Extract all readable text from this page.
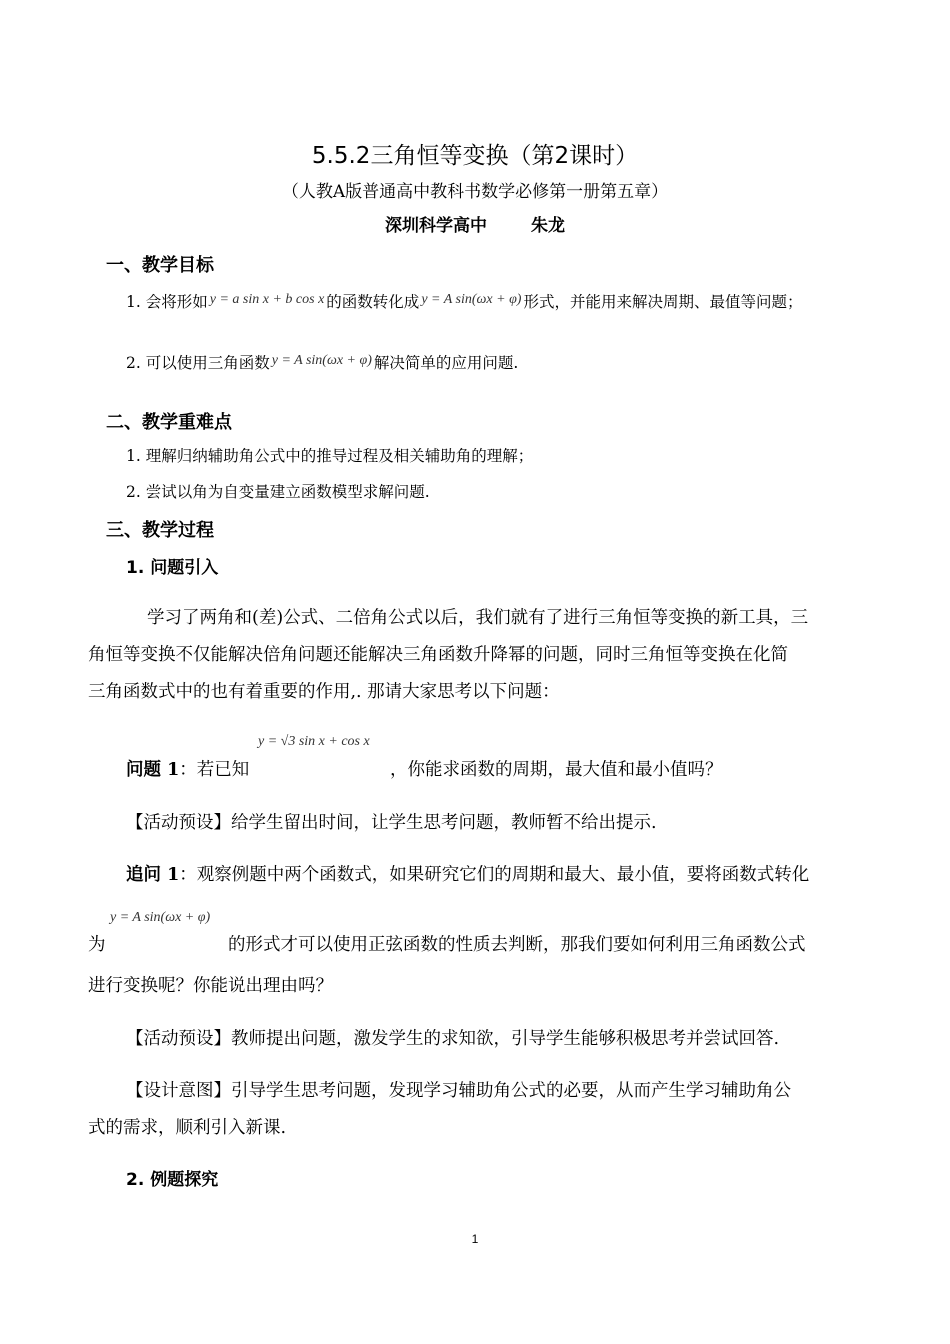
5.5.2三角恒等变换（第2课时）
（人教A版普通高中教科书数学必修第一册第五章）
深圳科学高中	朱龙
一、教学目标
1. 会将形如 y = a sin x + b cos x 的函数转化成 y = A sin(ωx + φ) 形式，并能用来解决周期、最值等问题；
2. 可以使用三角函数 y = A sin(ωx + φ) 解决简单的应用问题.
二、教学重难点
1. 理解归纳辅助角公式中的推导过程及相关辅助角的理解；
2. 尝试以角为自变量建立函数模型求解问题.
三、教学过程
1. 问题引入
学习了两角和(差)公式、二倍角公式以后，我们就有了进行三角恒等变换的新工具，三
角恒等变换不仅能解决倍角问题还能解决三角函数升降幂的问题，同时三角恒等变换在化简
三角函数式中的也有着重要的作用,. 那请大家思考以下问题：
y = √3 sin x + cos x
问题 1：若已知	，你能求函数的周期，最大值和最小值吗？
【活动预设】给学生留出时间，让学生思考问题，教师暂不给出提示.
追问 1：观察例题中两个函数式，如果研究它们的周期和最大、最小值，要将函数式转化
y = A sin(ωx + φ)
为	的形式才可以使用正弦函数的性质去判断，那我们要如何利用三角函数公式
进行变换呢？你能说出理由吗？
【活动预设】教师提出问题，激发学生的求知欲，引导学生能够积极思考并尝试回答.
【设计意图】引导学生思考问题，发现学习辅助角公式的必要，从而产生学习辅助角公
式的需求，顺利引入新课.
2. 例题探究
1
